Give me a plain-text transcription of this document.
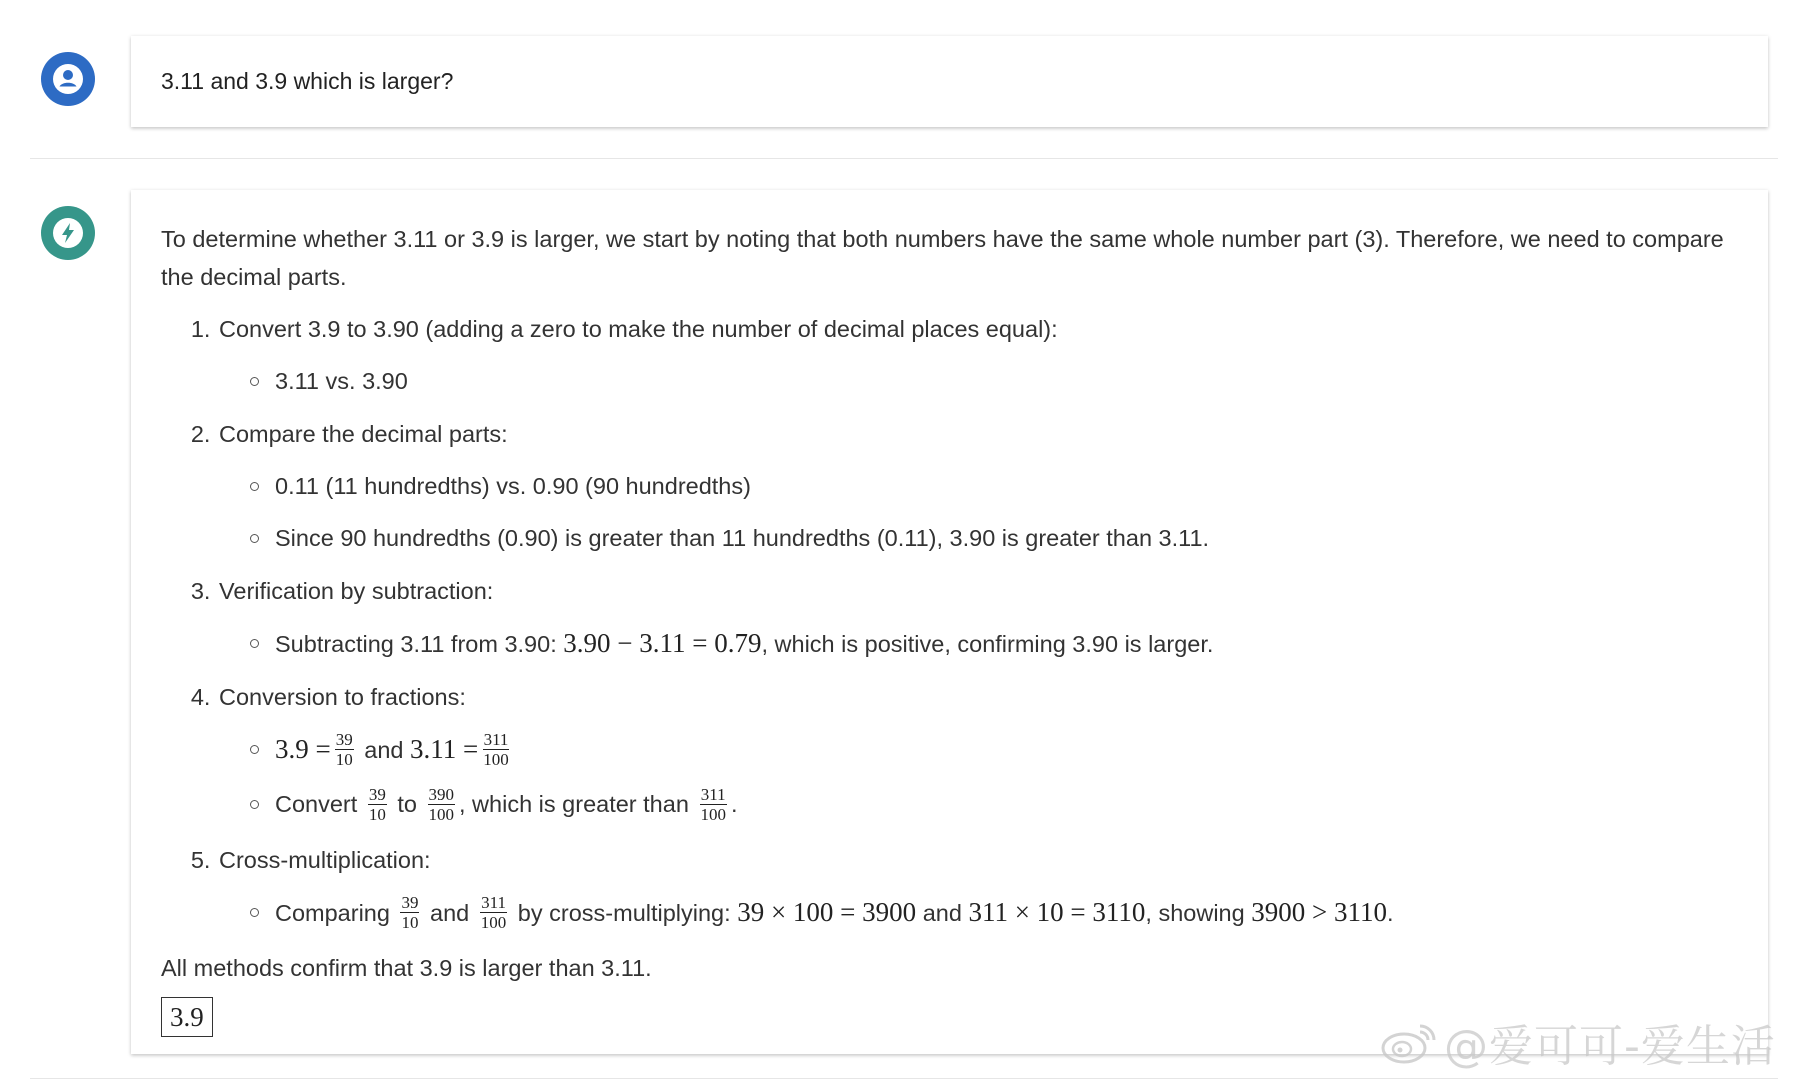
3.11 and 3.9 which is larger?

To determine whether 3.11 or 3.9 is larger, we start by noting that both numbers have the same whole number part (3). Therefore, we need to compare the decimal parts.

1. Convert 3.9 to 3.90 (adding a zero to make the number of decimal places equal):
3.11 vs. 3.90
2. Compare the decimal parts:
0.11 (11 hundredths) vs. 0.90 (90 hundredths)
Since 90 hundredths (0.90) is greater than 11 hundredths (0.11), 3.90 is greater than 3.11.
3. Verification by subtraction:
Subtracting 3.11 from 3.90: 3.90 − 3.11 = 0.79, which is positive, confirming 3.90 is larger.
4. Conversion to fractions:
$3.9 = \frac{39}{10}$ and $3.11 = \frac{311}{100}$
Convert $\frac{39}{10}$ to $\frac{390}{100}$ , which is greater than $\frac{311}{100}$ .
5. Cross-multiplication:
Comparing $\frac{39}{10}$ and $\frac{311}{100}$ by cross-multiplying: 39 × 100 = 3900 and 311 × 10 = 3110, showing 3900 > 3110.

All methods confirm that 3.9 is larger than 3.11.

3.9
@爱可可-爱生活
